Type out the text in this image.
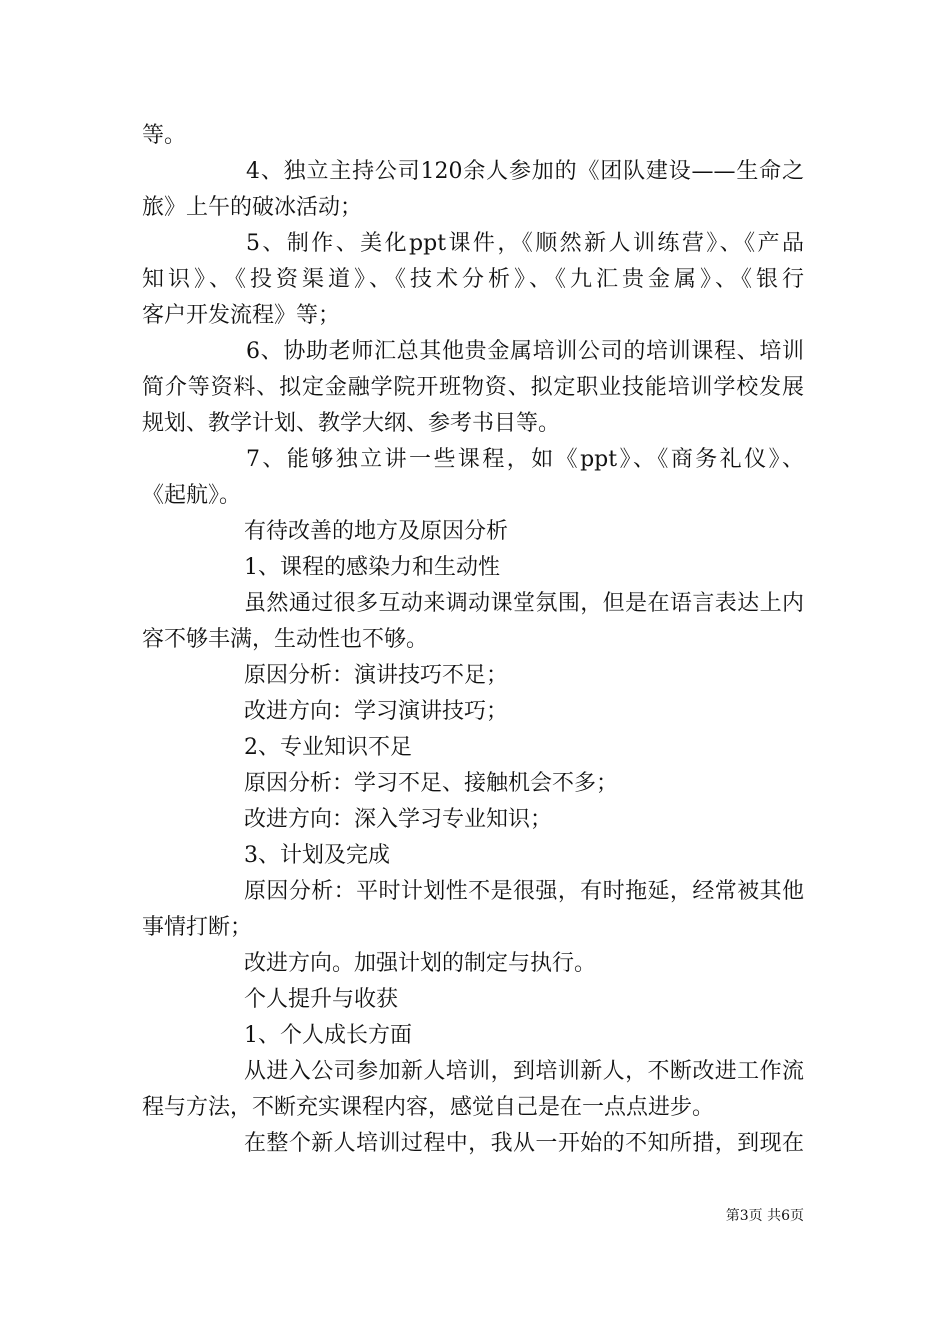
等。
4、独立主持公司120余人参加的《团队建设——生命之
旅》上午的破冰活动；
5、制作、美化ppt课件，《顺然新人训练营》、《产品
知识》、《投资渠道》、《技术分析》、《九汇贵金属》、《银行
客户开发流程》等；
6、协助老师汇总其他贵金属培训公司的培训课程、培训
简介等资料、拟定金融学院开班物资、拟定职业技能培训学校发展
规划、教学计划、教学大纲、参考书目等。
7、能够独立讲一些课程，如《ppt》、《商务礼仪》、
《起航》。
有待改善的地方及原因分析
1、课程的感染力和生动性
虽然通过很多互动来调动课堂氛围，但是在语言表达上内
容不够丰满，生动性也不够。
原因分析：演讲技巧不足；
改进方向：学习演讲技巧；
2、专业知识不足
原因分析：学习不足、接触机会不多；
改进方向：深入学习专业知识；
3、计划及完成
原因分析：平时计划性不是很强，有时拖延，经常被其他
事情打断；
改进方向。加强计划的制定与执行。
个人提升与收获
1、个人成长方面
从进入公司参加新人培训，到培训新人，不断改进工作流
程与方法，不断充实课程内容，感觉自己是在一点点进步。
在整个新人培训过程中，我从一开始的不知所措，到现在
第3页 共6页
